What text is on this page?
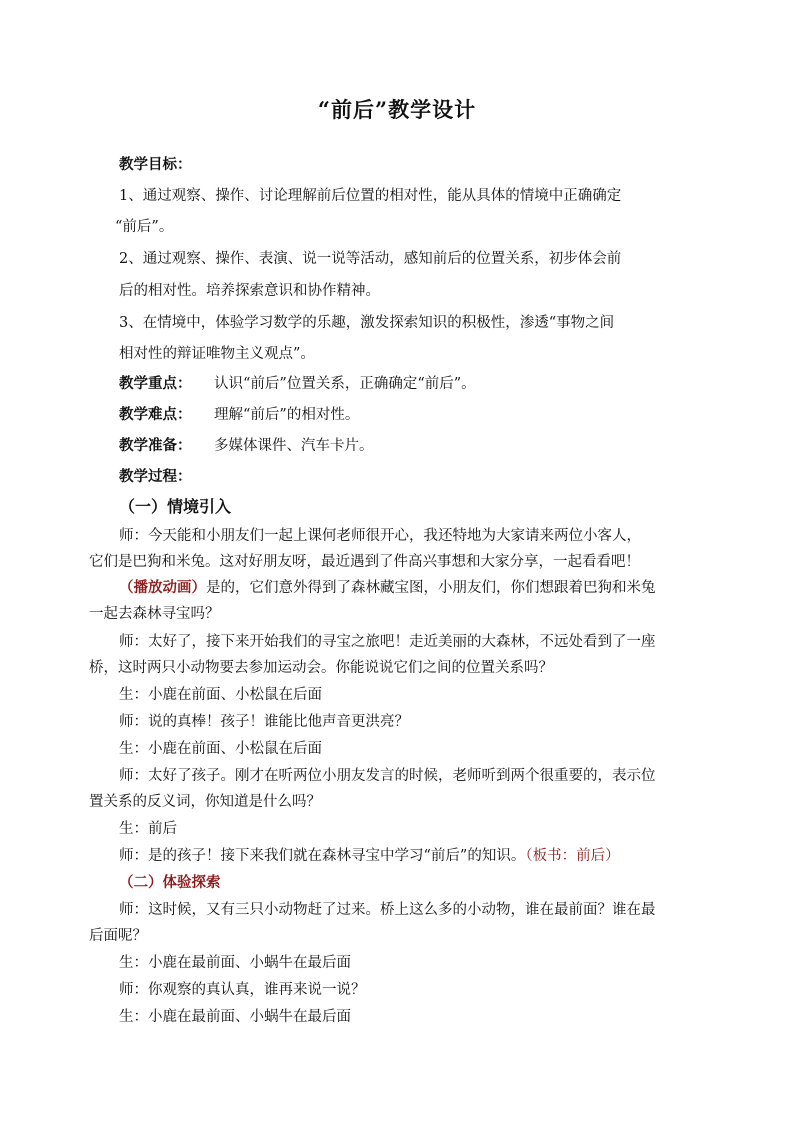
“前后”教学设计
教学目标：
1、通过观察、操作、讨论理解前后位置的相对性，能从具体的情境中正确确定
“前后”。
2、通过观察、操作、表演、说一说等活动，感知前后的位置关系，初步体会前
后的相对性。培养探索意识和协作精神。
3、在情境中，体验学习数学的乐趣，激发探索知识的积极性，渗透“事物之间
相对性的辩证唯物主义观点”。
教学重点： 认识“前后”位置关系，正确确定“前后”。
教学难点： 理解“前后”的相对性。
教学准备： 多媒体课件、汽车卡片。
教学过程：
（一）情境引入
师：今天能和小朋友们一起上课何老师很开心，我还特地为大家请来两位小客人，
它们是巴狗和米兔。这对好朋友呀，最近遇到了件高兴事想和大家分享，一起看看吧！
（播放动画）是的，它们意外得到了森林藏宝图，小朋友们，你们想跟着巴狗和米兔
一起去森林寻宝吗？
师：太好了，接下来开始我们的寻宝之旅吧！走近美丽的大森林，不远处看到了一座
桥，这时两只小动物要去参加运动会。你能说说它们之间的位置关系吗？
生：小鹿在前面、小松鼠在后面
师：说的真棒！孩子！谁能比他声音更洪亮？
生：小鹿在前面、小松鼠在后面
师：太好了孩子。刚才在听两位小朋友发言的时候，老师听到两个很重要的，表示位
置关系的反义词，你知道是什么吗？
生：前后
师：是的孩子！接下来我们就在森林寻宝中学习“前后”的知识。（板书：前后）
（二）体验探索
师：这时候，又有三只小动物赶了过来。桥上这么多的小动物，谁在最前面？谁在最
后面呢？
生：小鹿在最前面、小蜗牛在最后面
师：你观察的真认真，谁再来说一说？
生：小鹿在最前面、小蜗牛在最后面
